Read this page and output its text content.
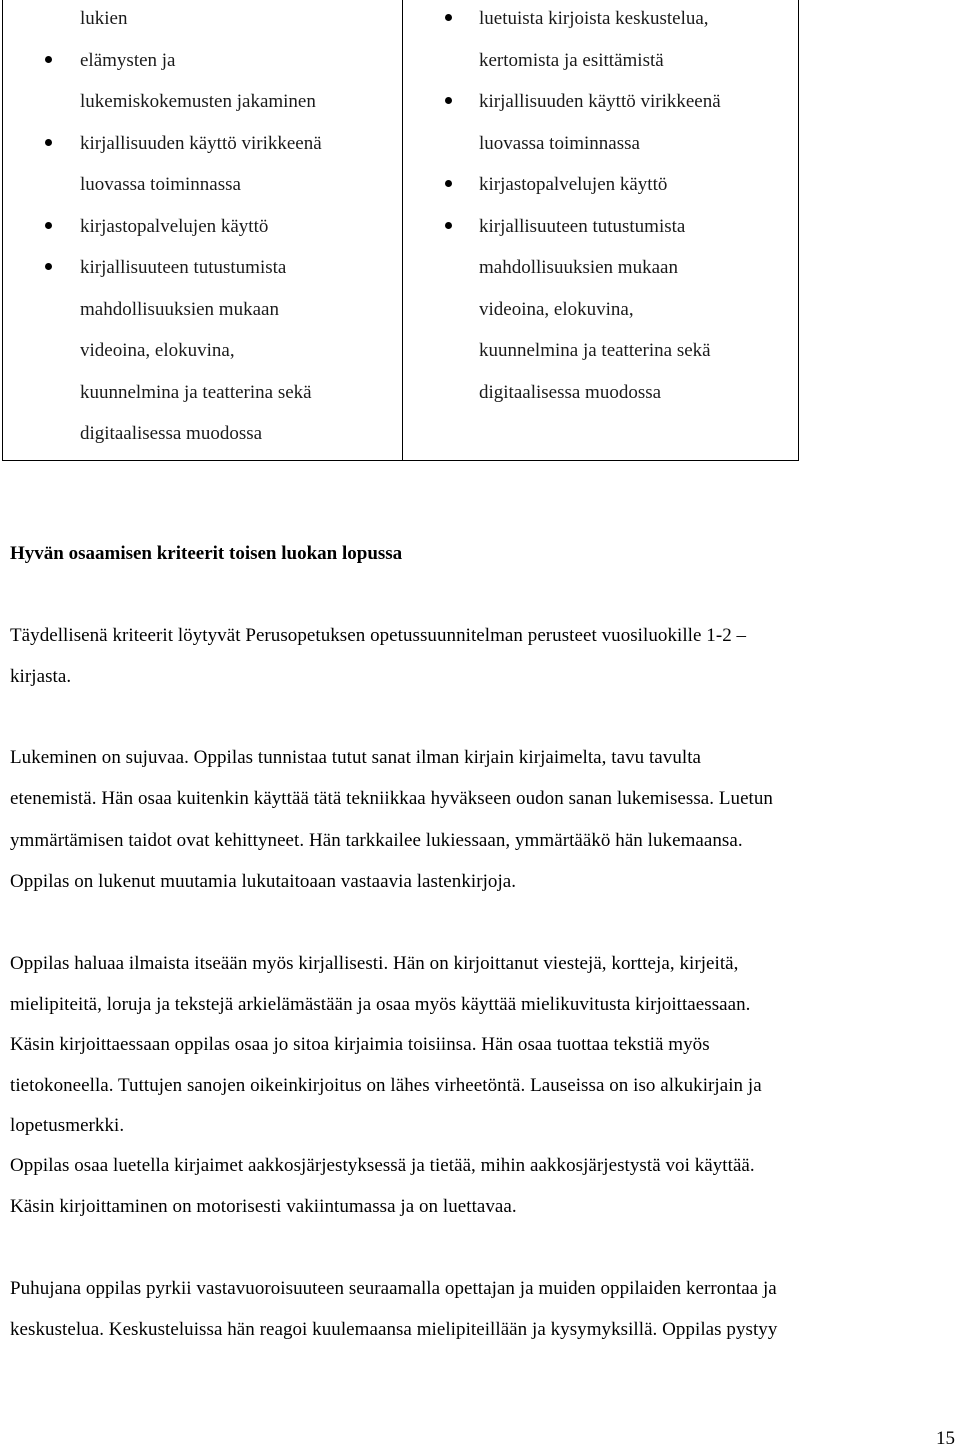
lukien
elämysten ja
lukemiskokemusten jakaminen
kirjallisuuden käyttö virikkeenä
luovassa toiminnassa
kirjastopalvelujen käyttö
kirjallisuuteen tutustumista
mahdollisuuksien mukaan
videoina, elokuvina,
kuunnelmina ja teatterina sekä
digitaalisessa muodossa
luetuista kirjoista keskustelua,
kertomista ja esittämistä
kirjallisuuden käyttö virikkeenä
luovassa toiminnassa
kirjastopalvelujen käyttö
kirjallisuuteen tutustumista
mahdollisuuksien mukaan
videoina, elokuvina,
kuunnelmina ja teatterina sekä
digitaalisessa muodossa
Hyvän osaamisen kriteerit toisen luokan lopussa
Täydellisenä kriteerit löytyvät Perusopetuksen opetussuunnitelman perusteet vuosiluokille 1-2 –
kirjasta.
Lukeminen on sujuvaa. Oppilas tunnistaa tutut sanat ilman kirjain kirjaimelta, tavu tavulta
etenemistä. Hän osaa kuitenkin käyttää tätä tekniikkaa hyväkseen oudon sanan lukemisessa. Luetun
ymmärtämisen taidot ovat kehittyneet. Hän tarkkailee lukiessaan, ymmärtääkö hän lukemaansa.
Oppilas on lukenut muutamia lukutaitoaan vastaavia lastenkirjoja.
Oppilas haluaa ilmaista itseään myös kirjallisesti. Hän on kirjoittanut viestejä, kortteja, kirjeitä,
mielipiteitä, loruja ja tekstejä arkielämästään ja osaa myös käyttää mielikuvitusta kirjoittaessaan.
Käsin kirjoittaessaan oppilas osaa jo sitoa kirjaimia toisiinsa. Hän osaa tuottaa tekstiä myös
tietokoneella. Tuttujen sanojen oikeinkirjoitus on lähes virheetöntä. Lauseissa on iso alkukirjain ja
lopetusmerkki.
Oppilas osaa luetella kirjaimet aakkosjärjestyksessä ja tietää, mihin aakkosjärjestystä voi käyttää.
Käsin kirjoittaminen on motorisesti vakiintumassa ja on luettavaa.
Puhujana oppilas pyrkii vastavuoroisuuteen seuraamalla opettajan ja muiden oppilaiden kerrontaa ja
keskustelua. Keskusteluissa hän reagoi kuulemaansa mielipiteillään ja kysymyksillä. Oppilas pystyy
15
